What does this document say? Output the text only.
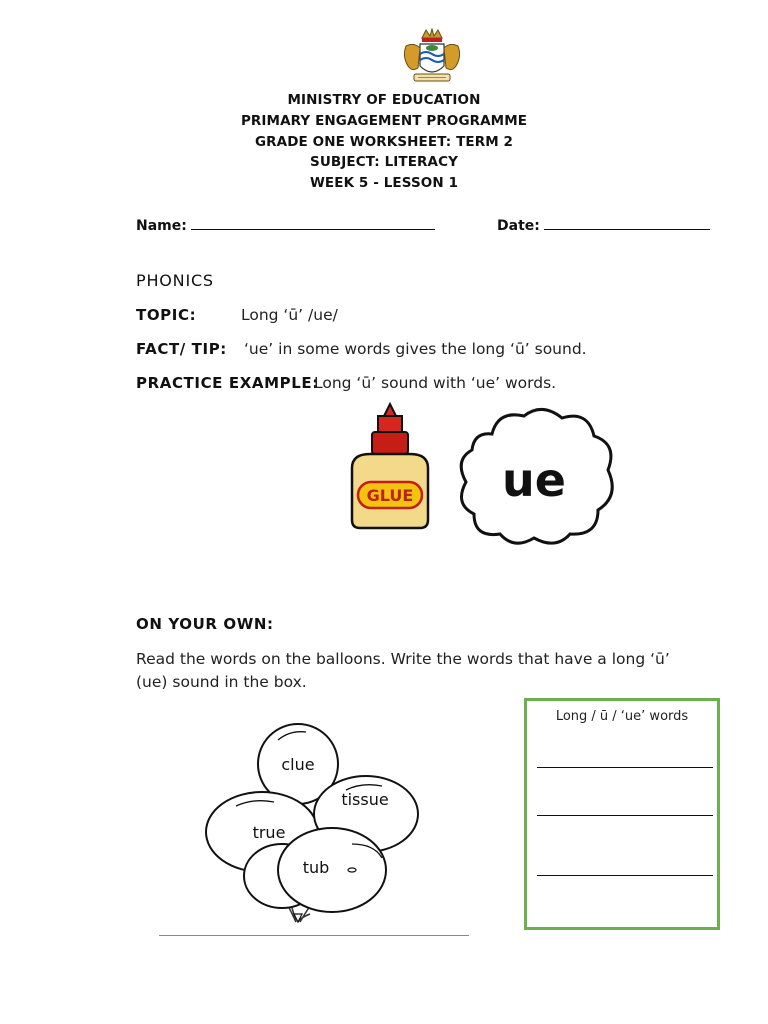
MINISTRY OF EDUCATION
PRIMARY ENGAGEMENT PROGRAMME
GRADE ONE WORKSHEET: TERM 2
SUBJECT: LITERACY
WEEK 5 - LESSON 1
Name:	Date:
PHONICS
TOPIC:	Long ‘ū’ /ue/
FACT/ TIP: ‘ue’ in some words gives the long ‘ū’ sound.
PRACTICE EXAMPLE:
Long ‘ū’ sound with ‘ue’ words.
GLUE ue
ON YOUR OWN:
Read the words on the balloons. Write the words that have a long ‘ū’
(ue) sound in the box.
clue
tissue
true
tub
Long / ū / ‘ue’ words
